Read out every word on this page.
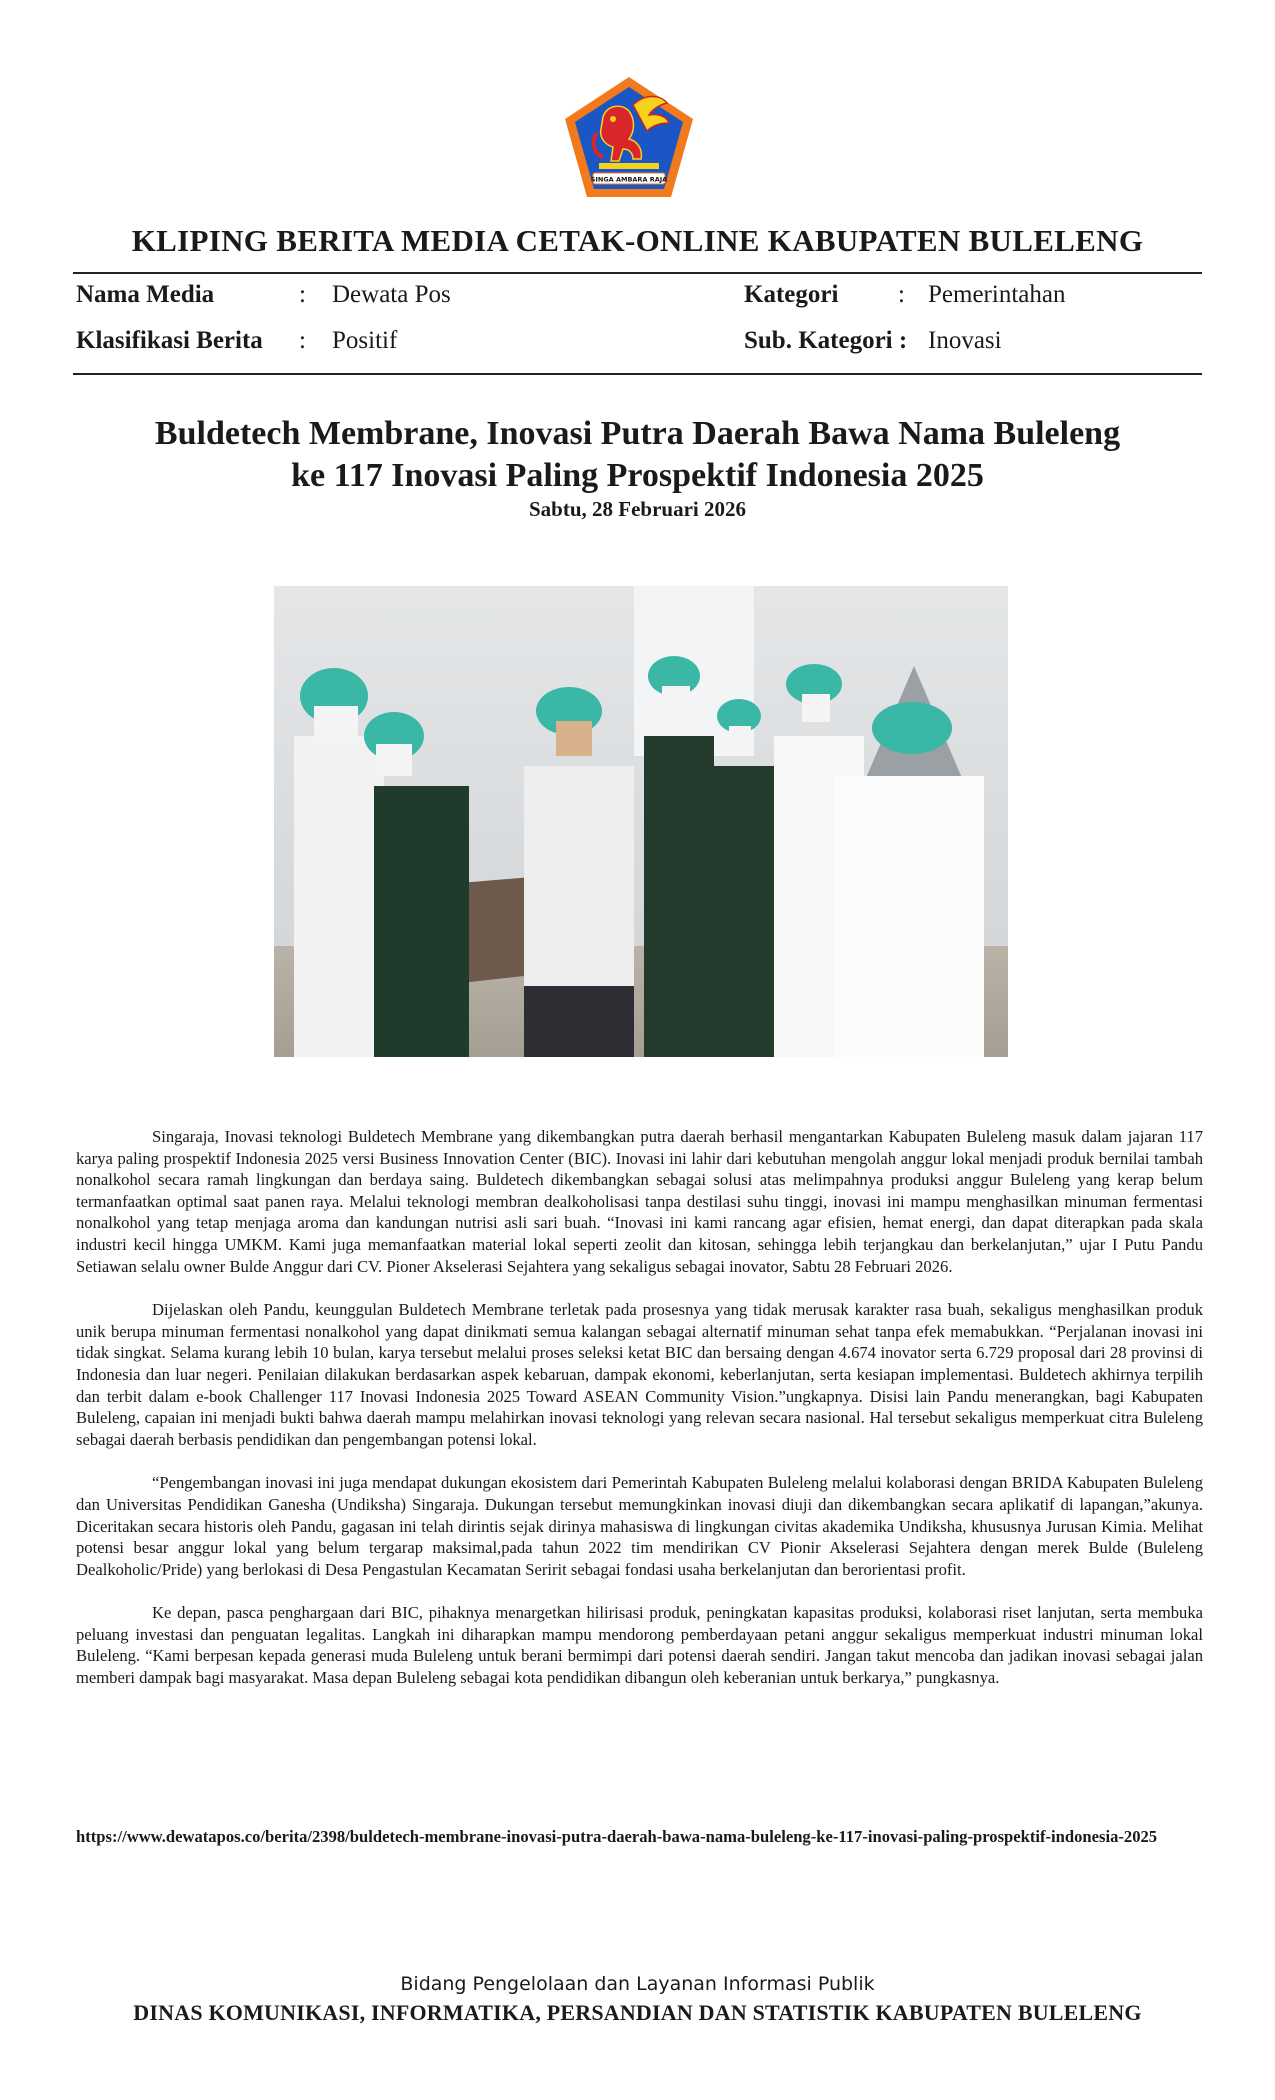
SINGA AMBARA RAJA
KLIPING BERITA MEDIA CETAK-ONLINE KABUPATEN BULELENG
Nama Media	: Dewata Pos	Kategori : Pemerintahan
Klasifikasi Berita : Positif	Sub. Kategori : Inovasi
Buldetech Membrane, Inovasi Putra Daerah Bawa Nama Buleleng
ke 117 Inovasi Paling Prospektif Indonesia 2025
Sabtu, 28 Februari 2026

Singaraja, Inovasi teknologi Buldetech Membrane yang dikembangkan putra daerah berhasil mengantarkan Kabupaten Buleleng masuk dalam jajaran 117 karya paling prospektif Indonesia 2025 versi Business Innovation Center (BIC). Inovasi ini lahir dari kebutuhan mengolah anggur lokal menjadi produk bernilai tambah nonalkohol secara ramah lingkungan dan berdaya saing. Buldetech dikembangkan sebagai solusi atas melimpahnya produksi anggur Buleleng yang kerap belum termanfaatkan optimal saat panen raya. Melalui teknologi membran dealkoholisasi tanpa destilasi suhu tinggi, inovasi ini mampu menghasilkan minuman fermentasi nonalkohol yang tetap menjaga aroma dan kandungan nutrisi asli sari buah. “Inovasi ini kami rancang agar efisien, hemat energi, dan dapat diterapkan pada skala industri kecil hingga UMKM. Kami juga memanfaatkan material lokal seperti zeolit dan kitosan, sehingga lebih terjangkau dan berkelanjutan,” ujar I Putu Pandu Setiawan selalu owner Bulde Anggur dari CV. Pioner Akselerasi Sejahtera yang sekaligus sebagai inovator, Sabtu 28 Februari 2026.

Dijelaskan oleh Pandu, keunggulan Buldetech Membrane terletak pada prosesnya yang tidak merusak karakter rasa buah, sekaligus menghasilkan produk unik berupa minuman fermentasi nonalkohol yang dapat dinikmati semua kalangan sebagai alternatif minuman sehat tanpa efek memabukkan. “Perjalanan inovasi ini tidak singkat. Selama kurang lebih 10 bulan, karya tersebut melalui proses seleksi ketat BIC dan bersaing dengan 4.674 inovator serta 6.729 proposal dari 28 provinsi di Indonesia dan luar negeri. Penilaian dilakukan berdasarkan aspek kebaruan, dampak ekonomi, keberlanjutan, serta kesiapan implementasi. Buldetech akhirnya terpilih dan terbit dalam e-book Challenger 117 Inovasi Indonesia 2025 Toward ASEAN Community Vision.”ungkapnya. Disisi lain Pandu menerangkan, bagi Kabupaten Buleleng, capaian ini menjadi bukti bahwa daerah mampu melahirkan inovasi teknologi yang relevan secara nasional. Hal tersebut sekaligus memperkuat citra Buleleng sebagai daerah berbasis pendidikan dan pengembangan potensi lokal.

“Pengembangan inovasi ini juga mendapat dukungan ekosistem dari Pemerintah Kabupaten Buleleng melalui kolaborasi dengan BRIDA Kabupaten Buleleng dan Universitas Pendidikan Ganesha (Undiksha) Singaraja. Dukungan tersebut memungkinkan inovasi diuji dan dikembangkan secara aplikatif di lapangan,”akunya. Diceritakan secara historis oleh Pandu, gagasan ini telah dirintis sejak dirinya mahasiswa di lingkungan civitas akademika Undiksha, khususnya Jurusan Kimia. Melihat potensi besar anggur lokal yang belum tergarap maksimal,pada tahun 2022 tim mendirikan CV Pionir Akselerasi Sejahtera dengan merek Bulde (Buleleng Dealkoholic/Pride) yang berlokasi di Desa Pengastulan Kecamatan Seririt sebagai fondasi usaha berkelanjutan dan berorientasi profit.

Ke depan, pasca penghargaan dari BIC, pihaknya menargetkan hilirisasi produk, peningkatan kapasitas produksi, kolaborasi riset lanjutan, serta membuka peluang investasi dan penguatan legalitas. Langkah ini diharapkan mampu mendorong pemberdayaan petani anggur sekaligus memperkuat industri minuman lokal Buleleng. “Kami berpesan kepada generasi muda Buleleng untuk berani bermimpi dari potensi daerah sendiri. Jangan takut mencoba dan jadikan inovasi sebagai jalan memberi dampak bagi masyarakat. Masa depan Buleleng sebagai kota pendidikan dibangun oleh keberanian untuk berkarya,” pungkasnya.

https://www.dewatapos.co/berita/2398/buldetech-membrane-inovasi-putra-daerah-bawa-nama-buleleng-ke-117-inovasi-paling-prospektif-indonesia-2025
Bidang Pengelolaan dan Layanan Informasi Publik
DINAS KOMUNIKASI, INFORMATIKA, PERSANDIAN DAN STATISTIK KABUPATEN BULELENG
